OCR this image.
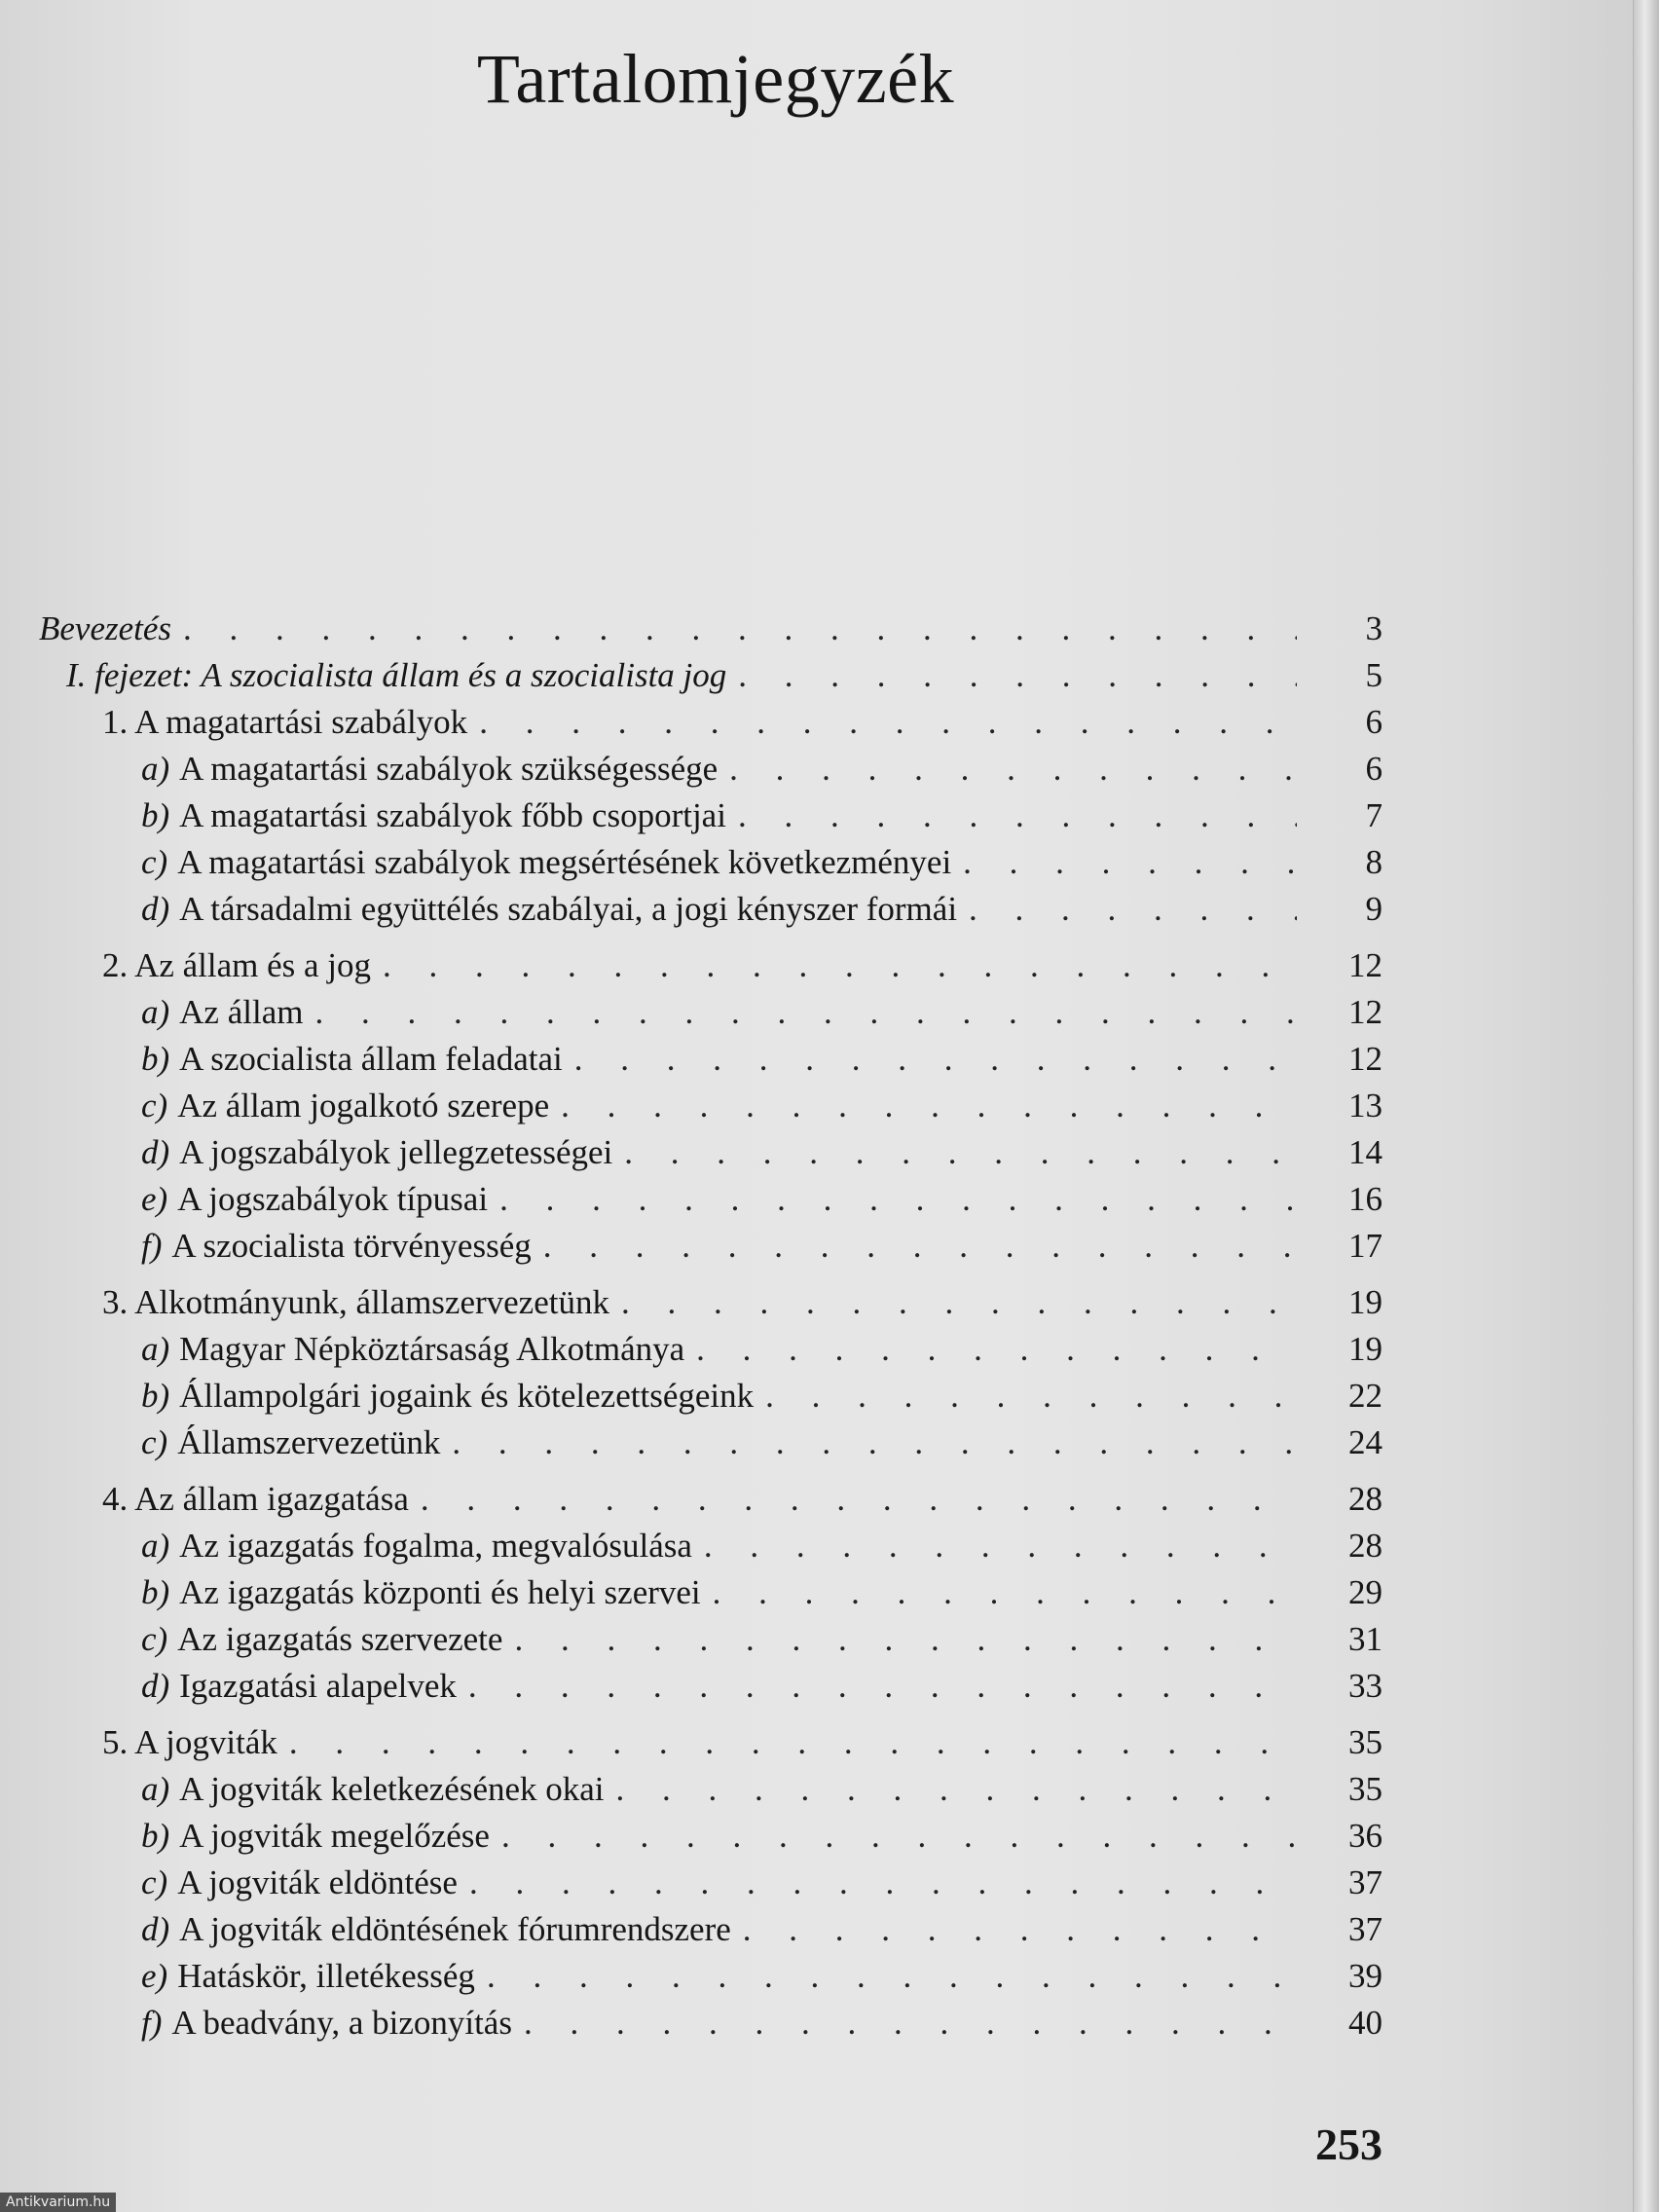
Tartalomjegyzék
Bevezetés . . .	3
I. fejezet: A szocialista állam és a szocialista jog . . .	5
1. A magatartási szabályok . . .	6
a) A magatartási szabályok szükségessége . . .	6
b) A magatartási szabályok főbb csoportjai . . .	7
c) A magatartási szabályok megsértésének következményei . . .	8
d) A társadalmi együttélés szabályai, a jogi kényszer formái . . .	9
2. Az állam és a jog . . .	12
a) Az állam . . .	12
b) A szocialista állam feladatai . . .	12
c) Az állam jogalkotó szerepe . . .	13
d) A jogszabályok jellegzetességei . . .	14
e) A jogszabályok típusai . . .	16
f) A szocialista törvényesség . . .	17
3. Alkotmányunk, államszervezetünk . . .	19
a) Magyar Népköztársaság Alkotmánya . . .	19
b) Állampolgári jogaink és kötelezettségeink . . .	22
c) Államszervezetünk . . .	24
4. Az állam igazgatása . . .	28
a) Az igazgatás fogalma, megvalósulása . . .	28
b) Az igazgatás központi és helyi szervei . . .	29
c) Az igazgatás szervezete . . .	31
d) Igazgatási alapelvek . . .	33
5. A jogviták . . .	35
a) A jogviták keletkezésének okai . . .	35
b) A jogviták megelőzése . . .	36
c) A jogviták eldöntése . . .	37
d) A jogviták eldöntésének fórumrendszere . . .	37
e) Hatáskör, illetékesség . . .	39
f) A beadvány, a bizonyítás . . .	40

253

Antikvarium.hu
